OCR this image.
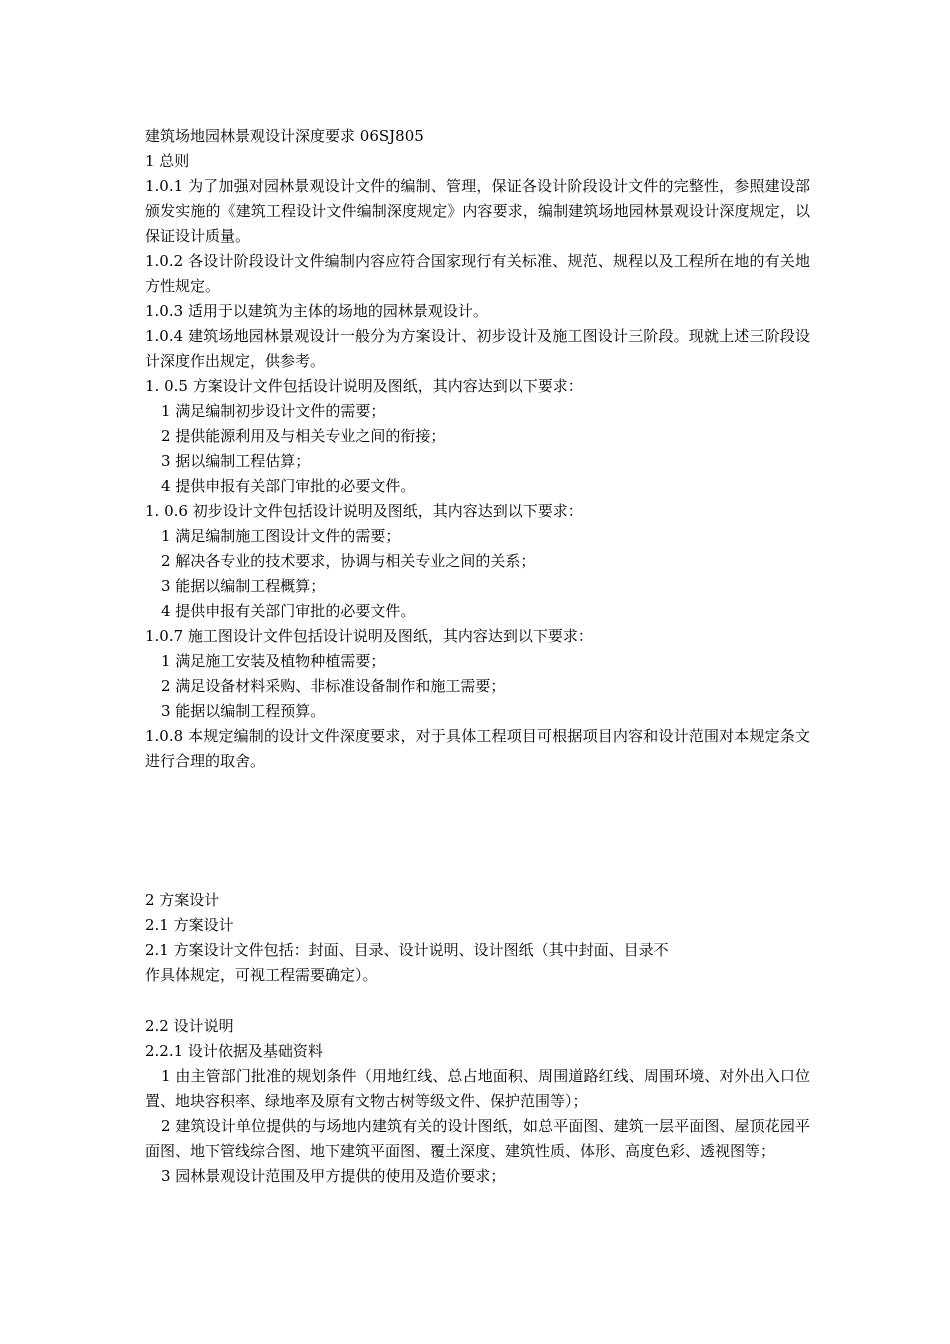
建筑场地园林景观设计深度要求 06SJ805

1 总则

1.0.1 为了加强对园林景观设计文件的编制、管理，保证各设计阶段设计文件的完整性，参照建设部颁发实施的《建筑工程设计文件编制深度规定》内容要求，编制建筑场地园林景观设计深度规定，以保证设计质量。

1.0.2 各设计阶段设计文件编制内容应符合国家现行有关标准、规范、规程以及工程所在地的有关地方性规定。

1.0.3 适用于以建筑为主体的场地的园林景观设计。

1.0.4 建筑场地园林景观设计一般分为方案设计、初步设计及施工图设计三阶段。现就上述三阶段设计深度作出规定，供参考。

1. 0.5 方案设计文件包括设计说明及图纸，其内容达到以下要求：

1 满足编制初步设计文件的需要；

2 提供能源利用及与相关专业之间的衔接；

3 据以编制工程估算；

4 提供申报有关部门审批的必要文件。

1. 0.6 初步设计文件包括设计说明及图纸，其内容达到以下要求：

1 满足编制施工图设计文件的需要；

2 解决各专业的技术要求，协调与相关专业之间的关系；

3 能据以编制工程概算；

4 提供申报有关部门审批的必要文件。

1.0.7 施工图设计文件包括设计说明及图纸，其内容达到以下要求：

1 满足施工安装及植物种植需要；

2 满足设备材料采购、非标准设备制作和施工需要；

3 能据以编制工程预算。

1.0.8 本规定编制的设计文件深度要求，对于具体工程项目可根据项目内容和设计范围对本规定条文进行合理的取舍。

2 方案设计

2.1 方案设计

2.1 方案设计文件包括：封面、目录、设计说明、设计图纸（其中封面、目录不

作具体规定，可视工程需要确定）。

2.2 设计说明

2.2.1 设计依据及基础资料

1 由主管部门批准的规划条件（用地红线、总占地面积、周围道路红线、周围环境、对外出入口位置、地块容积率、绿地率及原有文物古树等级文件、保护范围等）；

2 建筑设计单位提供的与场地内建筑有关的设计图纸，如总平面图、建筑一层平面图、屋顶花园平面图、地下管线综合图、地下建筑平面图、覆土深度、建筑性质、体形、高度色彩、透视图等；

3 园林景观设计范围及甲方提供的使用及造价要求；
